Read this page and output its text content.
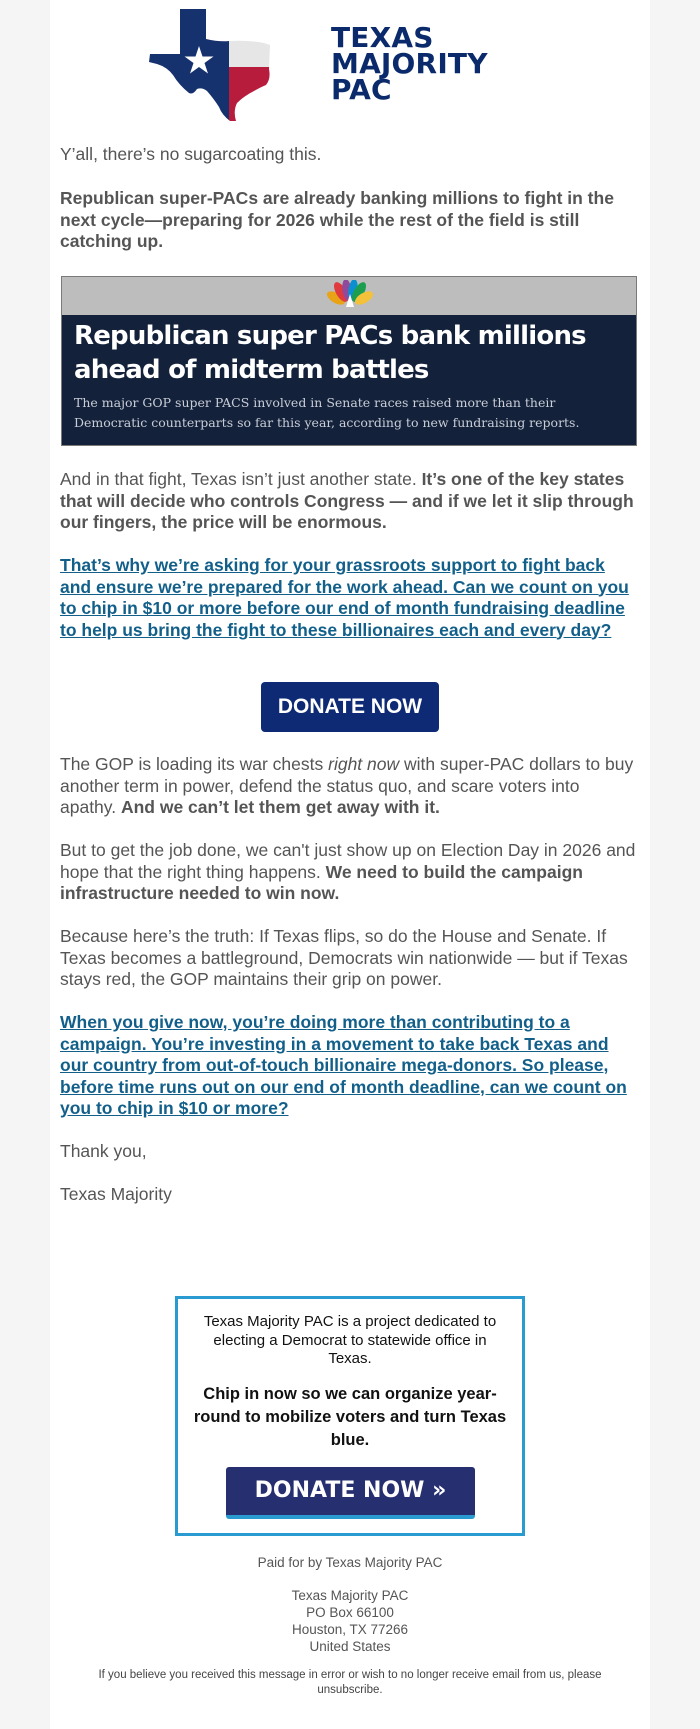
TEXAS
MAJORITY
PAC

Y’all, there’s no sugarcoating this.

Republican super-PACs are already banking millions to fight in the next cycle—preparing for 2026 while the rest of the field is still catching up.

Republican super PACs bank millions ahead of midterm battles

The major GOP super PACS involved in Senate races raised more than their Democratic counterparts so far this year, according to new fundraising reports.

And in that fight, Texas isn’t just another state. It’s one of the key states that will decide who controls Congress — and if we let it slip through our fingers, the price will be enormous.

That’s why we’re asking for your grassroots support to fight back and ensure we’re prepared for the work ahead. Can we count on you to chip in $10 or more before our end of month fundraising deadline to help us bring the fight to these billionaires each and every day?

DONATE NOW

The GOP is loading its war chests right now with super-PAC dollars to buy another term in power, defend the status quo, and scare voters into apathy. And we can’t let them get away with it.

But to get the job done, we can't just show up on Election Day in 2026 and hope that the right thing happens. We need to build the campaign infrastructure needed to win now.

Because here’s the truth: If Texas flips, so do the House and Senate. If Texas becomes a battleground, Democrats win nationwide — but if Texas stays red, the GOP maintains their grip on power.

When you give now, you’re doing more than contributing to a campaign. You’re investing in a movement to take back Texas and our country from out-of-touch billionaire mega-donors. So please, before time runs out on our end of month deadline, can we count on you to chip in $10 or more?

Thank you,

Texas Majority

Texas Majority PAC is a project dedicated to electing a Democrat to statewide office in Texas.

Chip in now so we can organize year-round to mobilize voters and turn Texas blue.

DONATE NOW »

Paid for by Texas Majority PAC

Texas Majority PAC
PO Box 66100
Houston, TX 77266
United States

If you believe you received this message in error or wish to no longer receive email from us, please
unsubscribe.
